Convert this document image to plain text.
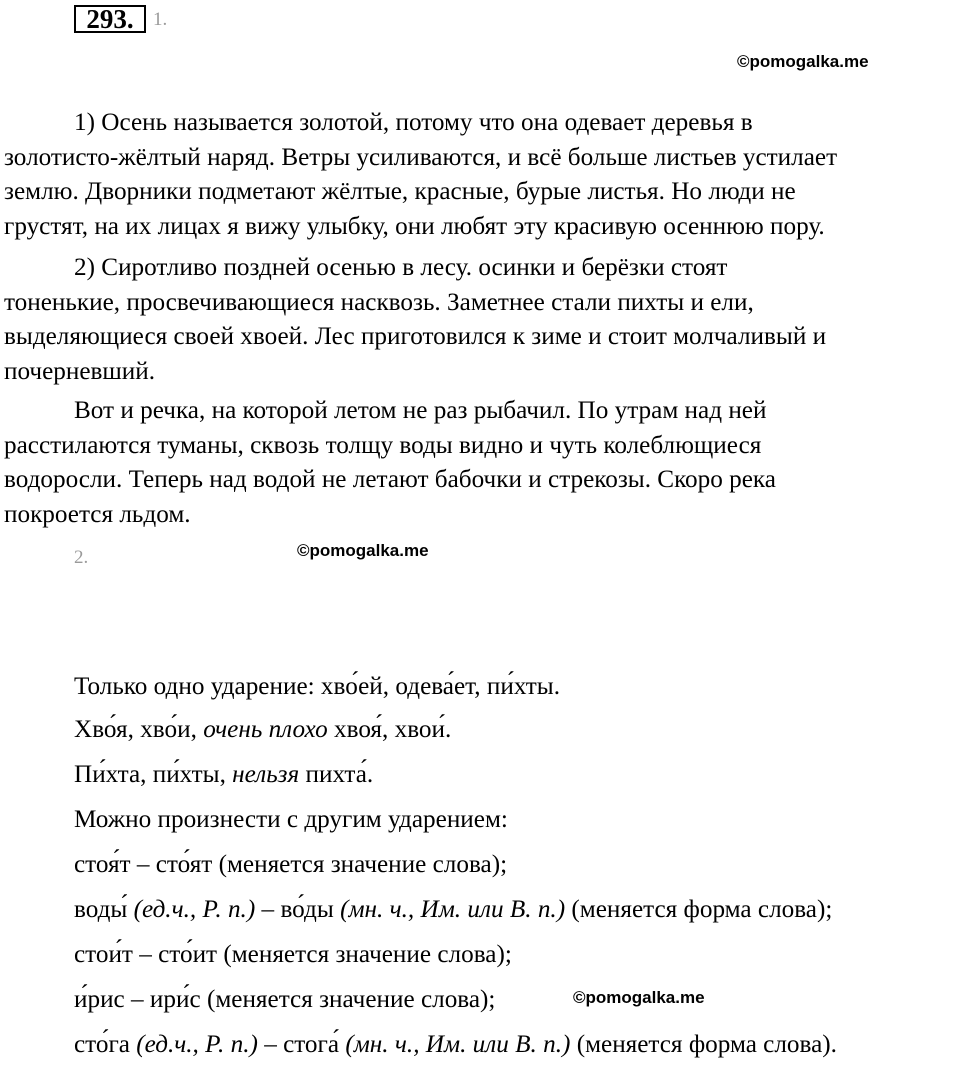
293.	1.
©pomogalka.me
1) Осень называется золотой, потому что она одевает деревья в
золотисто-жёлтый наряд. Ветры усиливаются, и всё больше листьев устилает
землю. Дворники подметают жёлтые, красные, бурые листья. Но люди не
грустят, на их лицах я вижу улыбку, они любят эту красивую осеннюю пору.
2) Сиротливо поздней осенью в лесу. осинки и берёзки стоят
тоненькие, просвечивающиеся насквозь. Заметнее стали пихты и ели,
выделяющиеся своей хвоей. Лес приготовился к зиме и стоит молчаливый и
почерневший.
Вот и речка, на которой летом не раз рыбачил. По утрам над ней
расстилаются туманы, сквозь толщу воды видно и чуть колеблющиеся
водоросли. Теперь над водой не летают бабочки и стрекозы. Скоро река
покроется льдом.
2.	©pomogalka.me
Только одно ударение: хво́ей, одева́ет, пи́хты.
Хво́я, хво́и, очень плохо хвоя́, хвои́.
Пи́хта, пи́хты, нельзя пихта́.
Можно произнести с другим ударением:
стоя́т – сто́ят (меняется значение слова);
воды́ (ед.ч., Р. п.) – во́ды (мн. ч., Им. или В. п.) (меняется форма слова);
стои́т – сто́ит (меняется значение слова);
и́рис – ири́с (меняется значение слова);	©pomogalka.me
сто́га (ед.ч., Р. п.) – стога́ (мн. ч., Им. или В. п.) (меняется форма слова).
